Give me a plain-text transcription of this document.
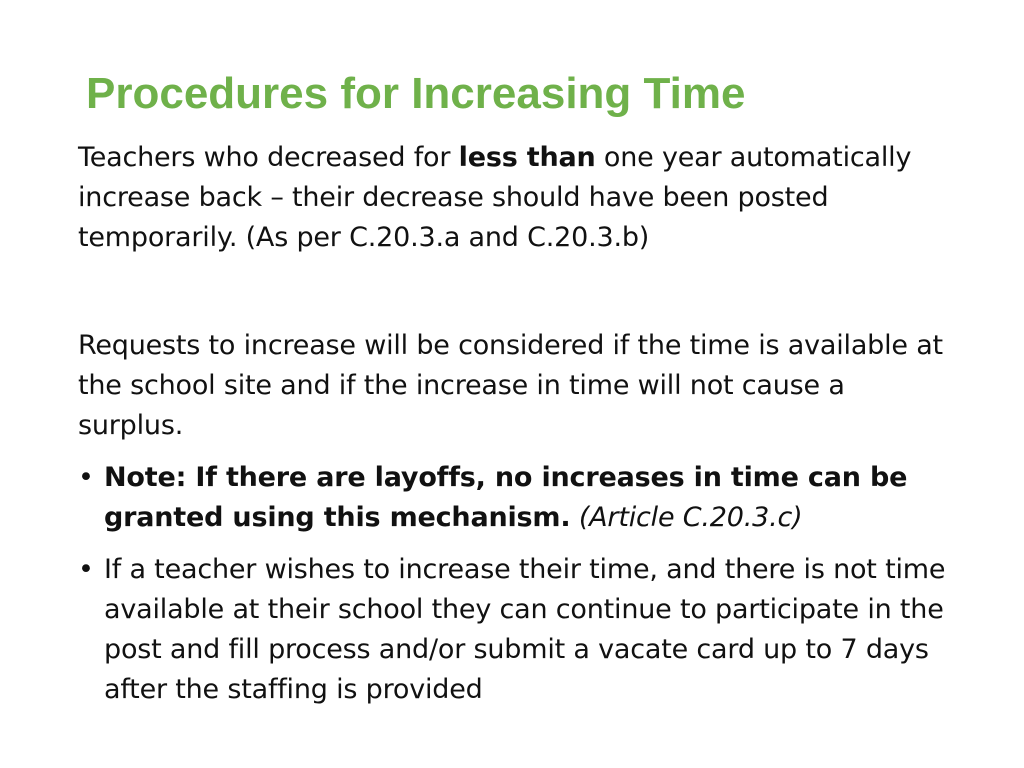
Procedures for Increasing Time

Teachers who decreased for less than one year automatically increase back – their decrease should have been posted temporarily. (As per C.20.3.a and C.20.3.b)

Requests to increase will be considered if the time is available at the school site and if the increase in time will not cause a surplus.

• Note: If there are layoffs, no increases in time can be granted using this mechanism. (Article C.20.3.c)
• If a teacher wishes to increase their time, and there is not time available at their school they can continue to participate in the post and fill process and/or submit a vacate card up to 7 days after the staffing is provided
